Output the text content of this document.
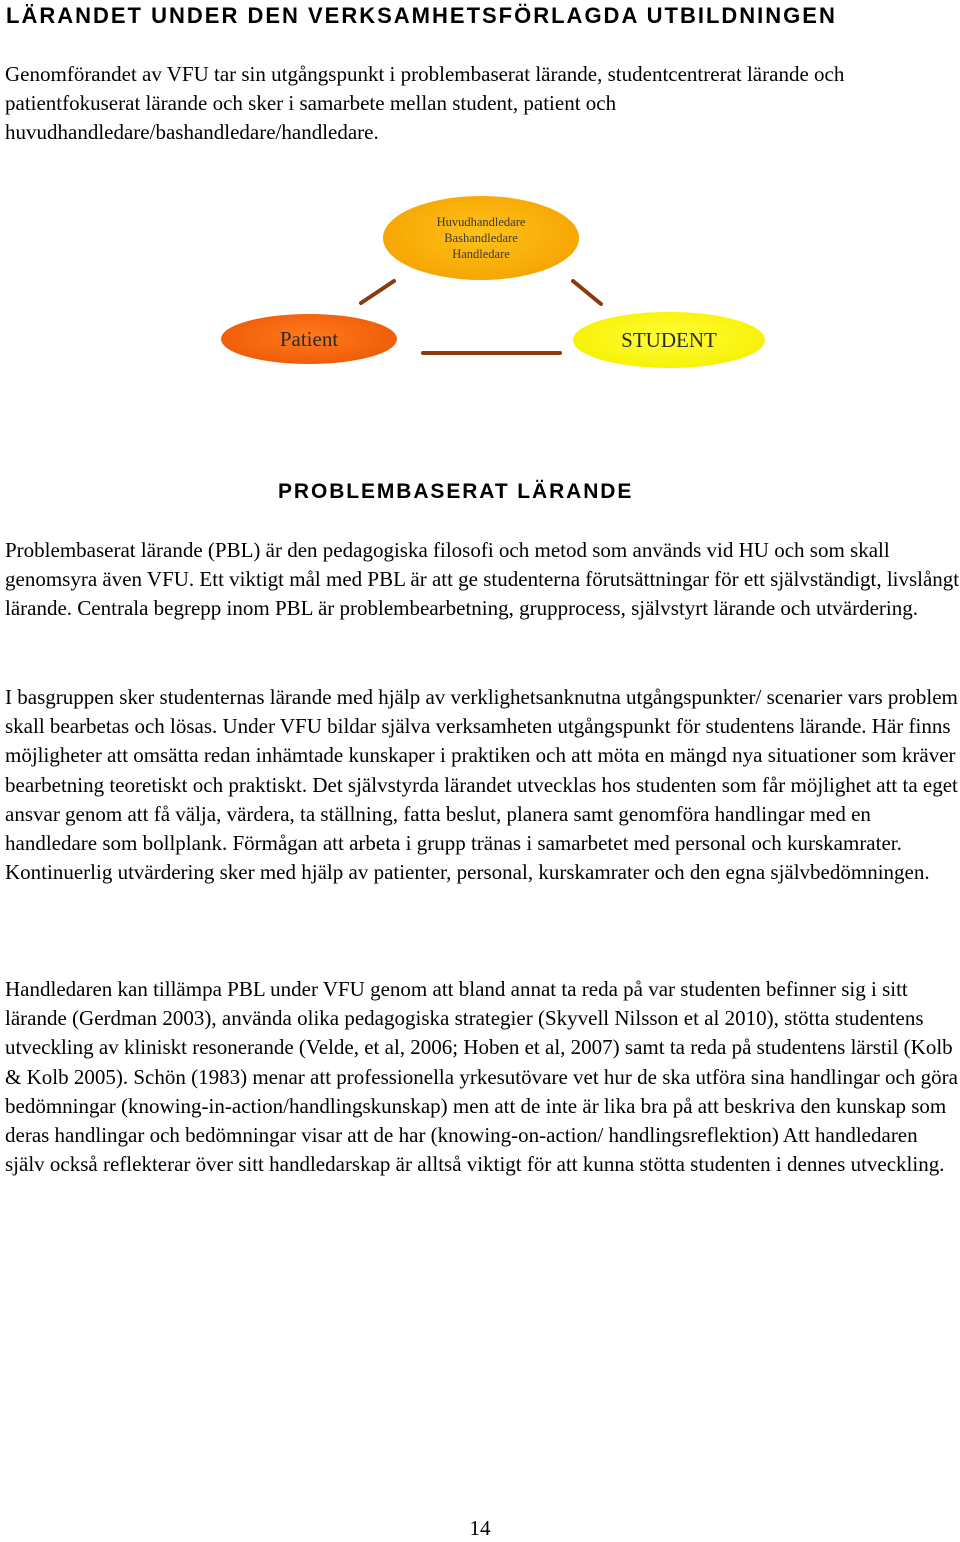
LÄRANDET UNDER DEN VERKSAMHETSFÖRLAGDA UTBILDNINGEN

Genomförandet av VFU tar sin utgångspunkt i problembaserat lärande, studentcentrerat lärande och patientfokuserat lärande och sker i samarbete mellan student, patient och huvudhandledare/bashandledare/handledare.

Huvudhandledare
Bashandledare
Handledare
Patient	STUDENT
PROBLEMBASERAT LÄRANDE

Problembaserat lärande (PBL) är den pedagogiska filosofi och metod som används vid HU och som skall genomsyra även VFU. Ett viktigt mål med PBL är att ge studenterna förutsättningar för ett självständigt, livslångt lärande. Centrala begrepp inom PBL är problembearbetning, grupprocess, självstyrt lärande och utvärdering.

I basgruppen sker studenternas lärande med hjälp av verklighetsanknutna utgångspunkter/ scenarier vars problem skall bearbetas och lösas. Under VFU bildar själva verksamheten utgångspunkt för studentens lärande. Här finns möjligheter att omsätta redan inhämtade kunskaper i praktiken och att möta en mängd nya situationer som kräver bearbetning teoretiskt och praktiskt. Det självstyrda lärandet utvecklas hos studenten som får möjlighet att ta eget ansvar genom att få välja, värdera, ta ställning, fatta beslut, planera samt genomföra handlingar med en handledare som bollplank. Förmågan att arbeta i grupp tränas i samarbetet med personal och kurskamrater. Kontinuerlig utvärdering sker med hjälp av patienter, personal, kurskamrater och den egna självbedömningen.

Handledaren kan tillämpa PBL under VFU genom att bland annat ta reda på var studenten befinner sig i sitt lärande (Gerdman 2003), använda olika pedagogiska strategier (Skyvell Nilsson et al 2010), stötta studentens utveckling av kliniskt resonerande (Velde, et al, 2006; Hoben et al, 2007) samt ta reda på studentens lärstil (Kolb & Kolb 2005). Schön (1983) menar att professionella yrkesutövare vet hur de ska utföra sina handlingar och göra bedömningar (knowing-in-action/handlingskunskap) men att de inte är lika bra på att beskriva den kunskap som deras handlingar och bedömningar visar att de har (knowing-on-action/ handlingsreflektion) Att handledaren själv också reflekterar över sitt handledarskap är alltså viktigt för att kunna stötta studenten i dennes utveckling.

14
